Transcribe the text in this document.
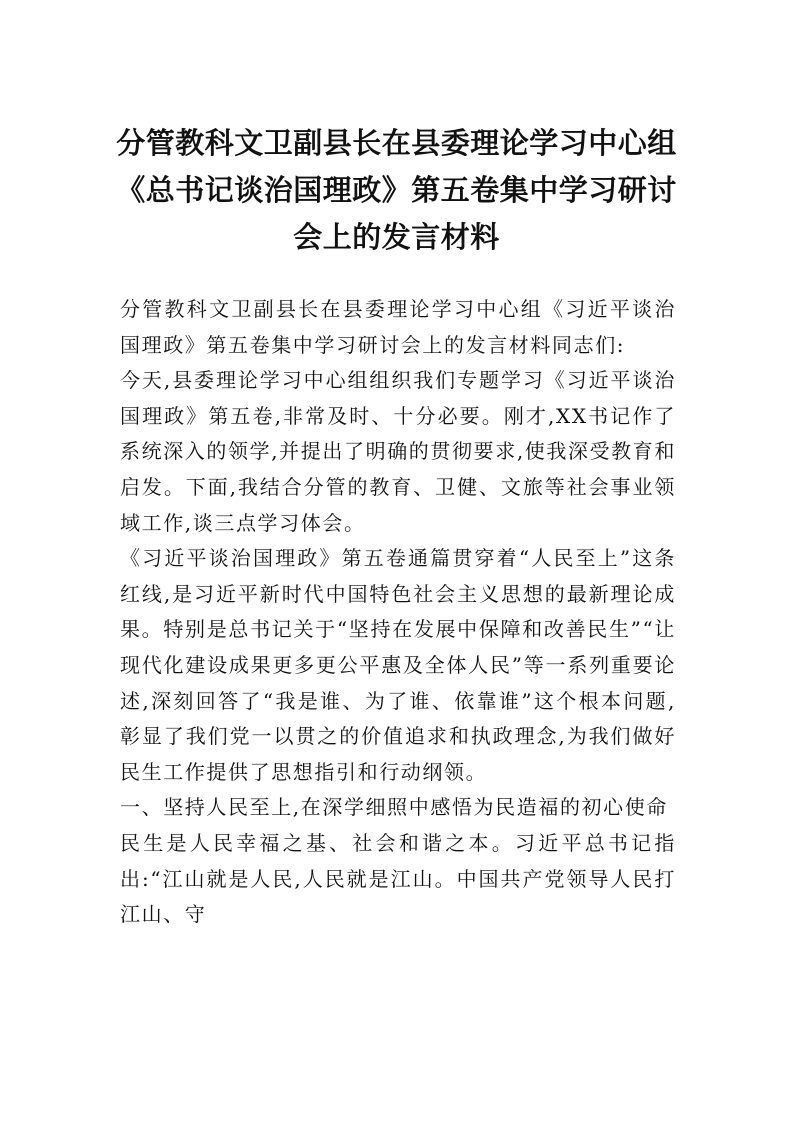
分管教科文卫副县长在县委理论学习中心组《总书记谈治国理政》第五卷集中学习研讨会上的发言材料

分管教科文卫副县长在县委理论学习中心组《习近平谈治国理政》第五卷集中学习研讨会上的发言材料同志们:

今天,县委理论学习中心组组织我们专题学习《习近平谈治国理政》第五卷,非常及时、十分必要。刚才,XX书记作了系统深入的领学,并提出了明确的贯彻要求,使我深受教育和启发。下面,我结合分管的教育、卫健、文旅等社会事业领域工作,谈三点学习体会。

《习近平谈治国理政》第五卷通篇贯穿着“人民至上”这条红线,是习近平新时代中国特色社会主义思想的最新理论成果。特别是总书记关于“坚持在发展中保障和改善民生”“让现代化建设成果更多更公平惠及全体人民”等一系列重要论述,深刻回答了“我是谁、为了谁、依靠谁”这个根本问题,彰显了我们党一以贯之的价值追求和执政理念,为我们做好民生工作提供了思想指引和行动纲领。

一、坚持人民至上,在深学细照中感悟为民造福的初心使命

民生是人民幸福之基、社会和谐之本。习近平总书记指出:“江山就是人民,人民就是江山。中国共产党领导人民打江山、守
